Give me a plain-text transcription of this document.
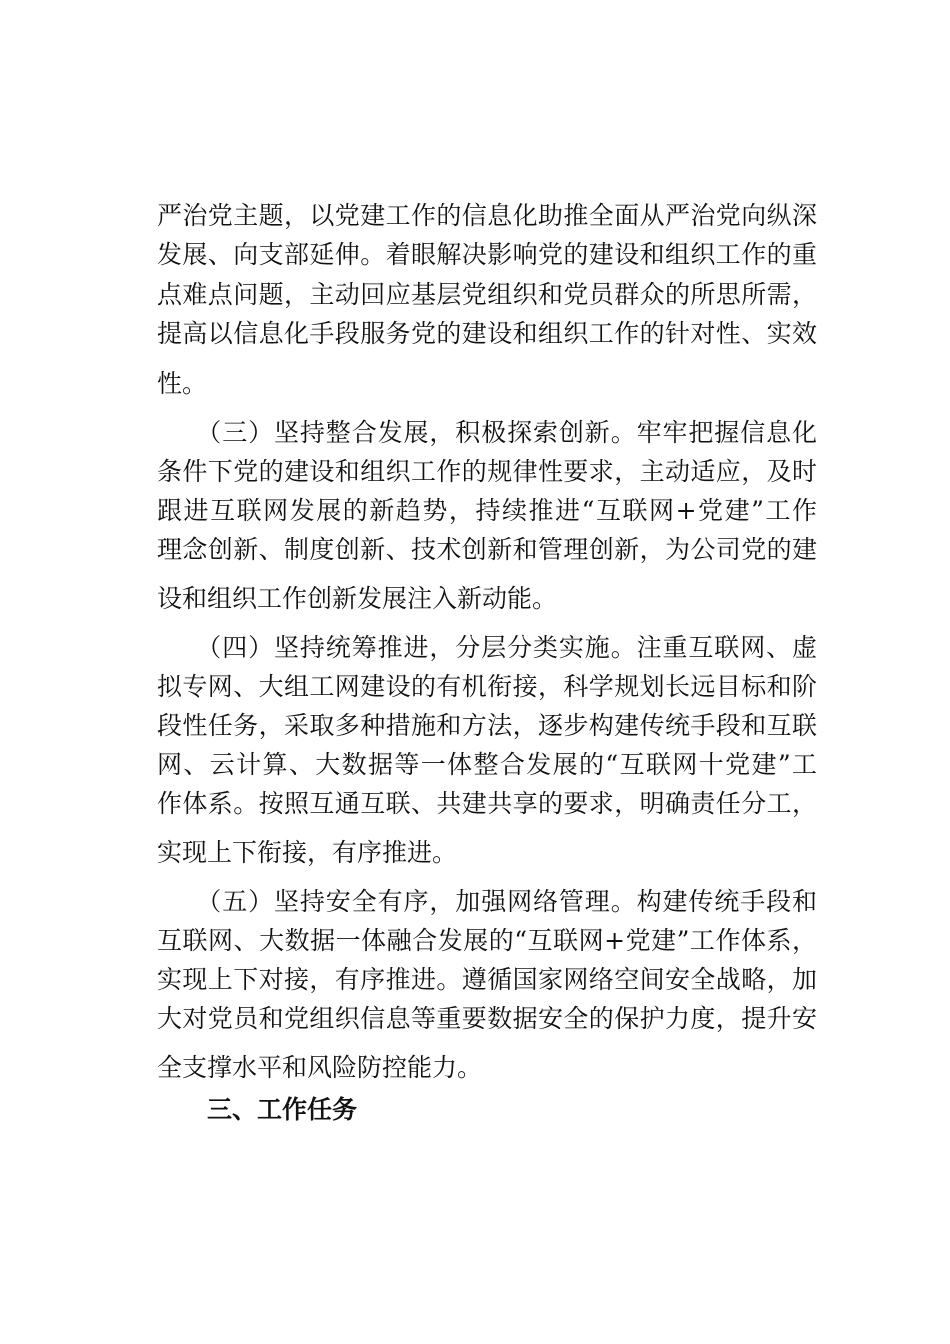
严治党主题，以党建工作的信息化助推全面从严治党向纵深
发展、向支部延伸。着眼解决影响党的建设和组织工作的重
点难点问题，主动回应基层党组织和党员群众的所思所需，
提高以信息化手段服务党的建设和组织工作的针对性、实效
性。
　　（三）坚持整合发展，积极探索创新。牢牢把握信息化
条件下党的建设和组织工作的规律性要求，主动适应，及时
跟进互联网发展的新趋势，持续推进“互联网+党建”工作
理念创新、制度创新、技术创新和管理创新，为公司党的建
设和组织工作创新发展注入新动能。
　　（四）坚持统筹推进，分层分类实施。注重互联网、虚
拟专网、大组工网建设的有机衔接，科学规划长远目标和阶
段性任务，采取多种措施和方法，逐步构建传统手段和互联
网、云计算、大数据等一体整合发展的“互联网十党建”工
作体系。按照互通互联、共建共享的要求，明确责任分工，
实现上下衔接，有序推进。
　　（五）坚持安全有序，加强网络管理。构建传统手段和
互联网、大数据一体融合发展的“互联网+党建”工作体系，
实现上下对接，有序推进。遵循国家网络空间安全战略，加
大对党员和党组织信息等重要数据安全的保护力度，提升安
全支撑水平和风险防控能力。
三、工作任务
